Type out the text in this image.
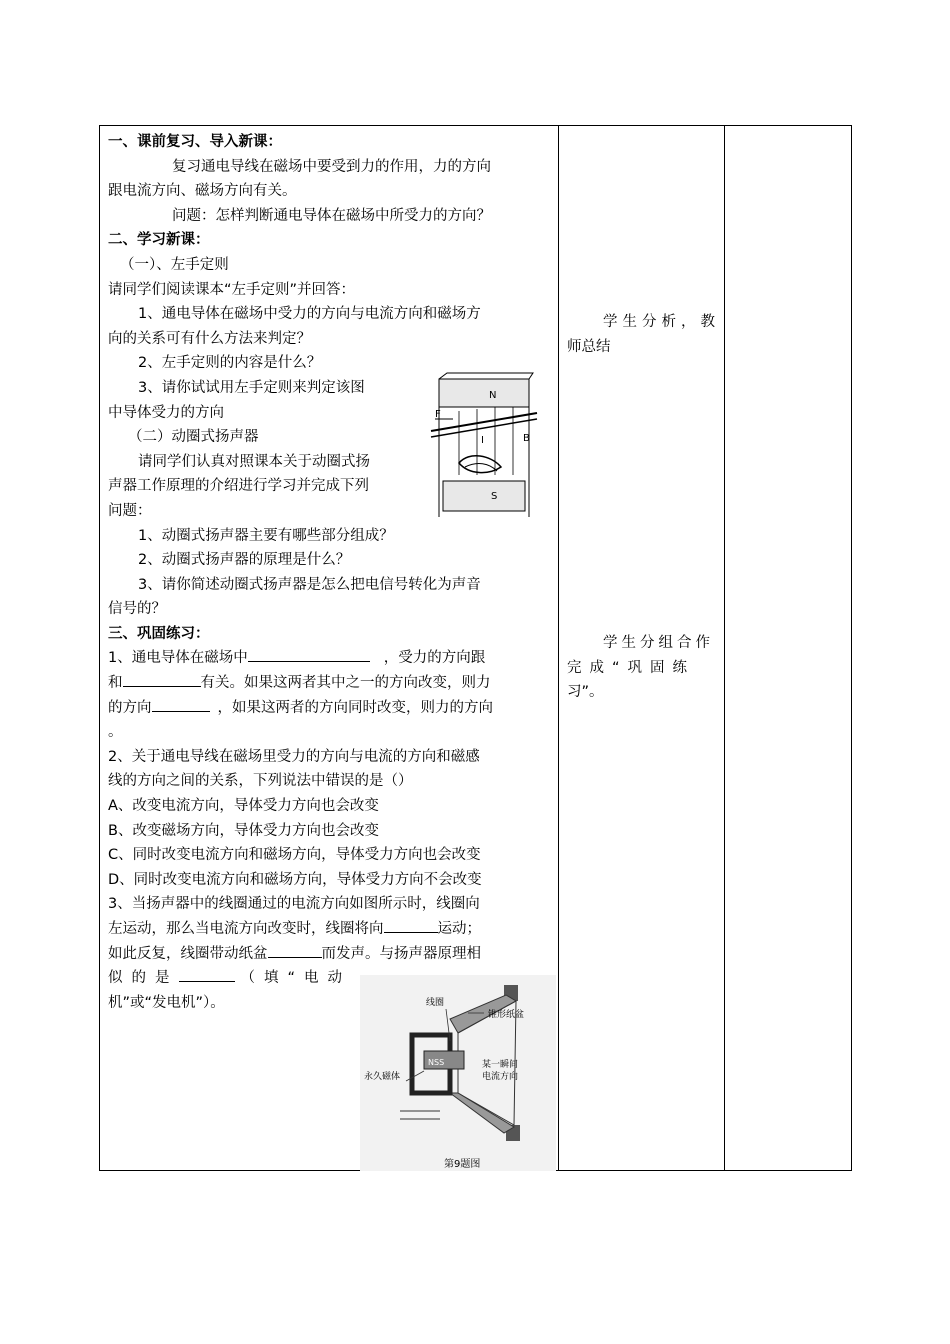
一、课前复习、导入新课：

复习通电导线在磁场中要受到力的作用，力的方向

跟电流方向、磁场方向有关。

问题：怎样判断通电导体在磁场中所受力的方向？

二、学习新课：

（一）、左手定则

请同学们阅读课本“左手定则”并回答：

1、通电导体在磁场中受力的方向与电流方向和磁场方

向的关系可有什么方法来判定？

2、左手定则的内容是什么？

3、请你试试用左手定则来判定该图

中导体受力的方向

（二）动圈式扬声器

请同学们认真对照课本关于动圈式扬

声器工作原理的介绍进行学习并完成下列

问题：

1、动圈式扬声器主要有哪些部分组成？

2、动圈式扬声器的原理是什么？

3、请你简述动圈式扬声器是怎么把电信号转化为声音

信号的？

三、巩固练习：

1、通电导体在磁场中	，受力的方向跟

和	有关。如果这两者其中之一的方向改变，则力

的方向	，如果这两者的方向同时改变，则力的方向

。

2、关于通电导线在磁场里受力的方向与电流的方向和磁感

线的方向之间的关系，下列说法中错误的是（）

A、改变电流方向，导体受力方向也会改变

B、改变磁场方向，导体受力方向也会改变

C、同时改变电流方向和磁场方向，导体受力方向也会改变

D、同时改变电流方向和磁场方向，导体受力方向不会改变

3、当扬声器中的线圈通过的电流方向如图所示时，线圈向

左运动，那么当电流方向改变时，线圈将向	运动；

如此反复，线圈带动纸盆	而发声。与扬声器原理相

似的是	（填“电动

机”或“发电机”）。

学生分析，教

师总结

学生分组合作

完成“巩固练

习”。

N
S
F
I	B
线圈
锥形纸盆
永久磁体
某一瞬间
电流方向
NSS
第9题图
